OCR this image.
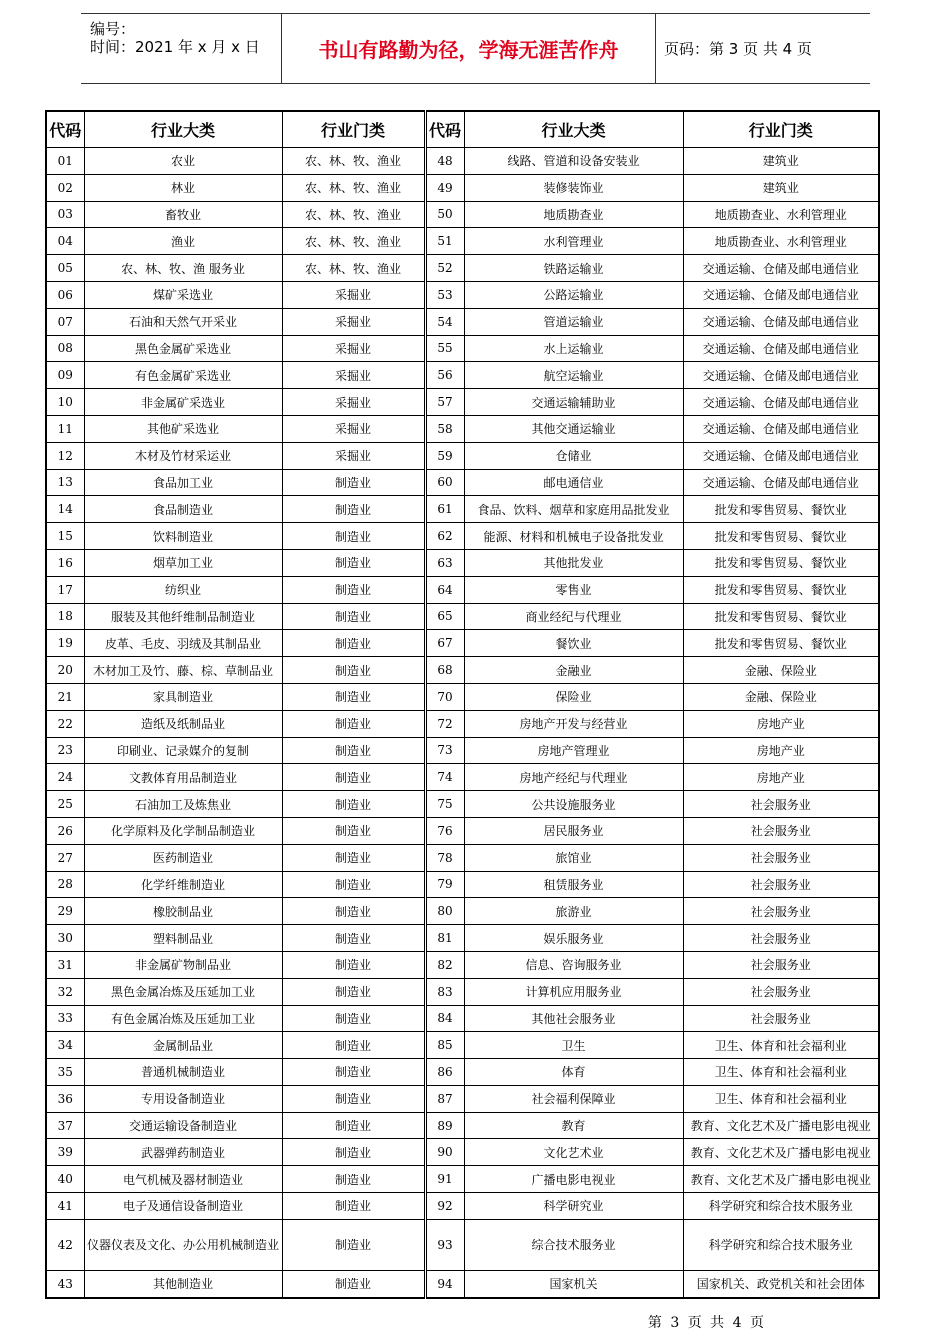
编号：
时间：2021 年 x 月 x 日	书山有路勤为径，学海无涯苦作舟	页码：第 3 页 共 4 页
代码	行业大类	行业门类	代码	行业大类	行业门类
01	农业	农、林、牧、渔业	48	线路、管道和设备安装业	建筑业
02	林业	农、林、牧、渔业	49	装修装饰业	建筑业
03	畜牧业	农、林、牧、渔业	50	地质勘查业	地质勘查业、水利管理业
04	渔业	农、林、牧、渔业	51	水利管理业	地质勘查业、水利管理业
05	农、林、牧、渔 服务业	农、林、牧、渔业	52	铁路运输业	交通运输、仓储及邮电通信业
06	煤矿采选业	采掘业	53	公路运输业	交通运输、仓储及邮电通信业
07	石油和天然气开采业	采掘业	54	管道运输业	交通运输、仓储及邮电通信业
08	黑色金属矿采选业	采掘业	55	水上运输业	交通运输、仓储及邮电通信业
09	有色金属矿采选业	采掘业	56	航空运输业	交通运输、仓储及邮电通信业
10	非金属矿采选业	采掘业	57	交通运输辅助业	交通运输、仓储及邮电通信业
11	其他矿采选业	采掘业	58	其他交通运输业	交通运输、仓储及邮电通信业
12	木材及竹材采运业	采掘业	59	仓储业	交通运输、仓储及邮电通信业
13	食品加工业	制造业	60	邮电通信业	交通运输、仓储及邮电通信业
14	食品制造业	制造业	61	食品、饮料、烟草和家庭用品批发业	批发和零售贸易、餐饮业
15	饮料制造业	制造业	62	能源、材料和机械电子设备批发业	批发和零售贸易、餐饮业
16	烟草加工业	制造业	63	其他批发业	批发和零售贸易、餐饮业
17	纺织业	制造业	64	零售业	批发和零售贸易、餐饮业
18	服装及其他纤维制品制造业	制造业	65	商业经纪与代理业	批发和零售贸易、餐饮业
19	皮革、毛皮、羽绒及其制品业	制造业	67	餐饮业	批发和零售贸易、餐饮业
20	木材加工及竹、藤、棕、草制品业	制造业	68	金融业	金融、保险业
21	家具制造业	制造业	70	保险业	金融、保险业
22	造纸及纸制品业	制造业	72	房地产开发与经营业	房地产业
23	印刷业、记录媒介的复制	制造业	73	房地产管理业	房地产业
24	文教体育用品制造业	制造业	74	房地产经纪与代理业	房地产业
25	石油加工及炼焦业	制造业	75	公共设施服务业	社会服务业
26	化学原料及化学制品制造业	制造业	76	居民服务业	社会服务业
27	医药制造业	制造业	78	旅馆业	社会服务业
28	化学纤维制造业	制造业	79	租赁服务业	社会服务业
29	橡胶制品业	制造业	80	旅游业	社会服务业
30	塑料制品业	制造业	81	娱乐服务业	社会服务业
31	非金属矿物制品业	制造业	82	信息、咨询服务业	社会服务业
32	黑色金属冶炼及压延加工业	制造业	83	计算机应用服务业	社会服务业
33	有色金属冶炼及压延加工业	制造业	84	其他社会服务业	社会服务业
34	金属制品业	制造业	85	卫生	卫生、体育和社会福利业
35	普通机械制造业	制造业	86	体育	卫生、体育和社会福利业
36	专用设备制造业	制造业	87	社会福利保障业	卫生、体育和社会福利业
37	交通运输设备制造业	制造业	89	教育	教育、文化艺术及广播电影电视业
39	武器弹药制造业	制造业	90	文化艺术业	教育、文化艺术及广播电影电视业
40	电气机械及器材制造业	制造业	91	广播电影电视业	教育、文化艺术及广播电影电视业
41	电子及通信设备制造业	制造业	92	科学研究业	科学研究和综合技术服务业
42	仪器仪表及文化、办公用机械制造业	制造业	93	综合技术服务业	科学研究和综合技术服务业
43	其他制造业	制造业	94	国家机关	国家机关、政党机关和社会团体
第 3 页 共 4 页
